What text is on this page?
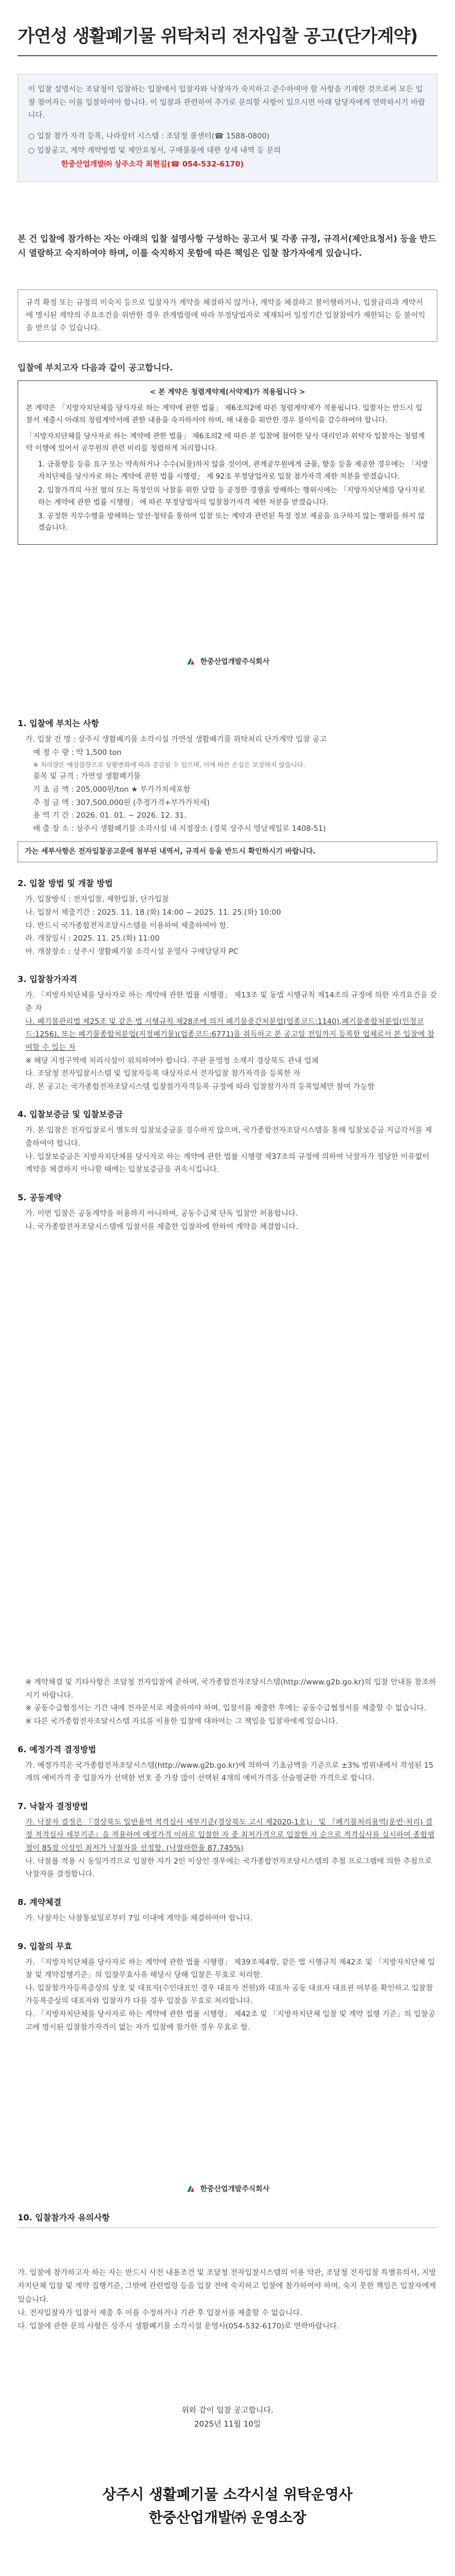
가연성 생활폐기물 위탁처리 전자입찰 공고(단가계약)
이 입찰 설명서는 조달청이 입찰하는 입찰에서 입찰자와 낙찰자가 숙지하고 준수하여야 할 사항을 기재한 것으로써 모든 입찰 참여자는 이를 입찰하여야 합니다. 이 입찰과 관련하여 추가로 문의할 사항이 있으시면 아래 담당자에게 연락하시기 바랍니다.
○ 입찰 참가 자격 등록, 나라장터 시스템 : 조달청 콜센터(☎ 1588-0800)
○ 입찰공고, 계약 계약방법 및 제안요청서, 구매물품에 대한 상세 내역 등 문의
한중산업개발㈜ 상주소각 최현길(☎ 054-532-6170)
본 건 입찰에 참가하는 자는 아래의 입찰 설명사항 구성하는 공고서 및 각종 규정, 규격서(제안요청서) 등을 반드시 열람하고 숙지하여야 하며, 이를 숙지하지 못함에 따른 책임은 입찰 참가자에게 있습니다.
규격 확정 또는 규정의 미숙지 등으로 입찰자가 계약을 체결하지 않거나, 계약을 체결하고 불이행하거나, 입찰금리과 계약서에 명시된 계약의 주요조건을 위반한 경우 관계법령에 따라 부정당업자로 제재되어 일정기간 입찰참여가 제한되는 등 불이익을 받으실 수 있습니다.
입찰에 부치고자 다음과 같이 공고합니다.
< 본 계약은 청렴계약제(서약제)가 적용됩니다 >

본 계약은 「지방자치단체를 당사자로 하는 계약에 관한 법률」 제6조의2에 따른 청렴계약제가 적용됩니다. 입찰자는 반드시 입찰서 제출시 아래의 청렴계약서에 관한 내용을 숙지하셔야 하며, 해 내용을 위반한 경우 불이익을 감수하여야 합니다.

「지방자치단체를 당사자로 하는 계약에 관한 법률」 제6조의2 에 따른 본 입찰에 참여한 당사 대리인과 위탁자 입찰자는 청렴계약 이행에 있어서 공무원의 관련 비리를 청렴하게 처리합니다.

1. 금품향응 등을 요구 또는 약속하거나 수수(뇌물)하지 않을 것이며, 관계공무원에게 금품, 향응 등을 제공한 경우에는 「지방자치단체를 당사자로 하는 계약에 관한 법률 시행령」 제 92조 부정당업자로 입찰 참가자격 제한 처분을 받겠습니다.
2. 입찰가격의 사전 협의 또는 특정인의 낙찰을 위한 담합 등 공정한 경쟁을 방해하는 행위시에는 「지방자치단체를 당사자로 하는 계약에 관한 법률 시행령」 에 따른 부정당업자의 입찰참가자격 제한 처분을 받겠습니다.
3. 공정한 직무수행을 방해하는 알선·청탁을 통하여 입찰 또는 계약과 관련된 특정 정보 제공을 요구하지 않는 행위를 하지 않겠습니다.
한중산업개발주식회사
1. 입찰에 부치는 사항
가. 입찰 건 명 : 상주시 생활폐기물 소각시설 가연성 생활폐기물 위탁처리 단가계약 입찰 공고
예 정 수 량 : 약 1,500 ton
※ 처리량은 예상물량으로 상황변화에 따라 증감될 수 있으며, 이에 따른 손실은 보상하지 않습니다.
품목 및 규격 : 가연성 생활폐기물
기 초 금 액 : 205,000원/ton ★ 부가가치세포함
추 정 금 액 : 307,500,000원 (추정가격+부가가치세)
용 역 기 간 : 2026. 01. 01. ~ 2026. 12. 31.
배 출 장 소 : 상주시 생활폐기물 소각시설 내 지정장소 (경북 상주시 영남제일로 1408-51)
가는 세부사항은 전자입찰공고문에 첨부된 내역서, 규격서 등을 반드시 확인하시기 바랍니다.
2. 입찰 방법 및 개찰 방법
가. 입찰방식 : 전자입찰, 제한입찰, 단가입찰
나. 입찰서 제출기간 : 2025. 11. 18.(화) 14:00 ~ 2025. 11. 25.(화) 10:00
다. 반드시 국가종합전자조달시스템을 이용하여 제출하여야 함.
라. 개찰일시 : 2025. 11. 25.(화) 11:00
마. 개찰장소 : 상주시 생활폐기물 소각시설 운영사 구매담당자 PC
3. 입찰참가자격
가. 「지방자치단체를 당사자로 하는 계약에 관한 법률 시행령」 제13조 및 동법 시행규칙 제14조의 규정에 의한 자격요건을 갖춘 자
나. 폐기물관리법 제25조 및 같은 법 시행규칙 제28조에 의거 폐기물중간처분업(업종코드:1140),폐기물종합처분업(인정코드:1256), 또는 폐기물종합처분업(지정폐기물)(업종코드:6771)을 취득하고 본 공고일 전일까지 등록한 업체로서 본 입찰에 참여할 수 있는 자
※ 해당 지정구역에 처리시설이 위치하여야 합니다. 주관 운영청 소재지 경상북도 관내 업체
다. 조달청 전자입찰시스템 및 입찰자등록 대상자로서 전자입찰 참가자격을 등록한 자
라. 본 공고는 국가종합전자조달시스템 입찰참가자격등록 규정에 따라 입찰참가자격 등록업체만 참여 가능함
4. 입찰보증금 및 입찰보증금
가. 본 입찰은 전자입찰로서 별도의 입찰보증금을 징수하지 않으며, 국가종합전자조달시스템을 통해 입찰보증금 지급각서를 제출하여야 합니다.
나. 입찰보증금은 지방자치단체를 당사자로 하는 계약에 관한 법률 시행령 제37조의 규정에 의하여 낙찰자가 정당한 이유없이 계약을 체결하지 아니할 때에는 입찰보증금을 귀속시킵니다.
5. 공동계약
가. 이번 입찰은 공동계약을 허용하지 아니하며, 공동수급체 단독 입찰만 허용합니다.
나. 국가종합전자조달시스템에 입찰서를 제출한 입찰자에 한하여 계약을 체결합니다.
※ 계약체결 및 기타사항은 조달청 전자입찰에 준하며, 국가종합전자조달시스템(http://www.g2b.go.kr)의 입찰 안내를 참조하시기 바랍니다.
※ 공동수급협정서는 기간 내에 전자문서로 제출하여야 하며, 입찰서를 제출한 후에는 공동수급협정서를 제출할 수 없습니다.
※ 다른 국가종합전자조달시스템 자료를 이용한 입찰에 대하여는 그 책임을 입찰자에게 있습니다.
6. 예정가격 결정방법
가. 예정가격은 국가종합전자조달시스템(http://www.g2b.go.kr)에 의하여 기초금액을 기준으로 ±3% 범위내에서 작성된 15개의 예비가격 중 입찰자가 선택한 번호 중 가장 많이 선택된 4개의 예비가격을 산술평균한 가격으로 합니다.
7. 낙찰자 결정방법
가. 낙찰자 결정은 『경상북도 일반용역 적격심사 세부기준(경상북도 고시 제2020-1호)』 및 『폐기물처리용역(운반·처리) 결정 적격심사 세부기준』을 적용하여 예정가격 이하로 입찰한 자 중 최저가격으로 입찰한 자 순으로 적격심사를 실시하여 종합평점이 85점 이상인 최저가 낙찰자를 선정함. (낙찰하한율 87.745%)
나. 낙찰률 적용 시 동일가격으로 입찰한 자가 2인 이상인 경우에는 국가종합전자조달시스템의 추첨 프로그램에 의한 추첨으로 낙찰자를 결정합니다.
8. 계약체결
가. 낙찰자는 낙찰통보일로부터 7일 이내에 계약을 체결하여야 합니다.
9. 입찰의 무효
가. 「지방자치단체를 당사자로 하는 계약에 관한 법률 시행령」 제39조제4항, 같은 법 시행규칙 제42조 및 「지방자치단체 입찰 및 계약집행기준」의 입찰무효사유 해당시 당해 입찰은 무효로 처리함.
나. 입찰참가자등록증상의 상호 및 대표자(수인대표인 경우 대표자 전원)와 대표자 공동 대표자 대표권 여부를 확인하고 입찰참가등록증상의 대표자와 입찰자가 다를 경우 입찰을 무효로 처리합니다.
다. 「지방자치단체를 당사자로 하는 계약에 관한 법률 시행령」 제42조 및 「지방자치단체 입찰 및 계약 집행 기준」의 입찰공고에 명시된 입찰참가자격이 없는 자가 입찰에 참가한 경우 무효로 함.
한중산업개발주식회사
10. 입찰참가자 유의사항
가. 입찰에 참가하고자 하는 자는 반드시 사전 내용조건 및 조달청 전자입찰시스템의 이용 약관, 조달청 전자입찰 특별유의서, 지방자치단체 입찰 및 계약 집행기준, 그밖에 관련법령 등을 입찰 전에 숙지하고 입찰에 참가하여야 하며, 숙지 못한 책임은 입찰자에게 있습니다.
나. 전자입찰자가 입찰서 제출 후 이를 수정하거나 기관 후 입찰서를 제출할 수 없습니다.
다. 입찰에 관한 문의 사항은 상주시 생활폐기물 소각시설 운영사(054-532-6170)로 연락바랍니다.
위와 같이 입찰 공고합니다.
2025년 11월 10일
상주시 생활폐기물 소각시설 위탁운영사
한중산업개발㈜ 운영소장
